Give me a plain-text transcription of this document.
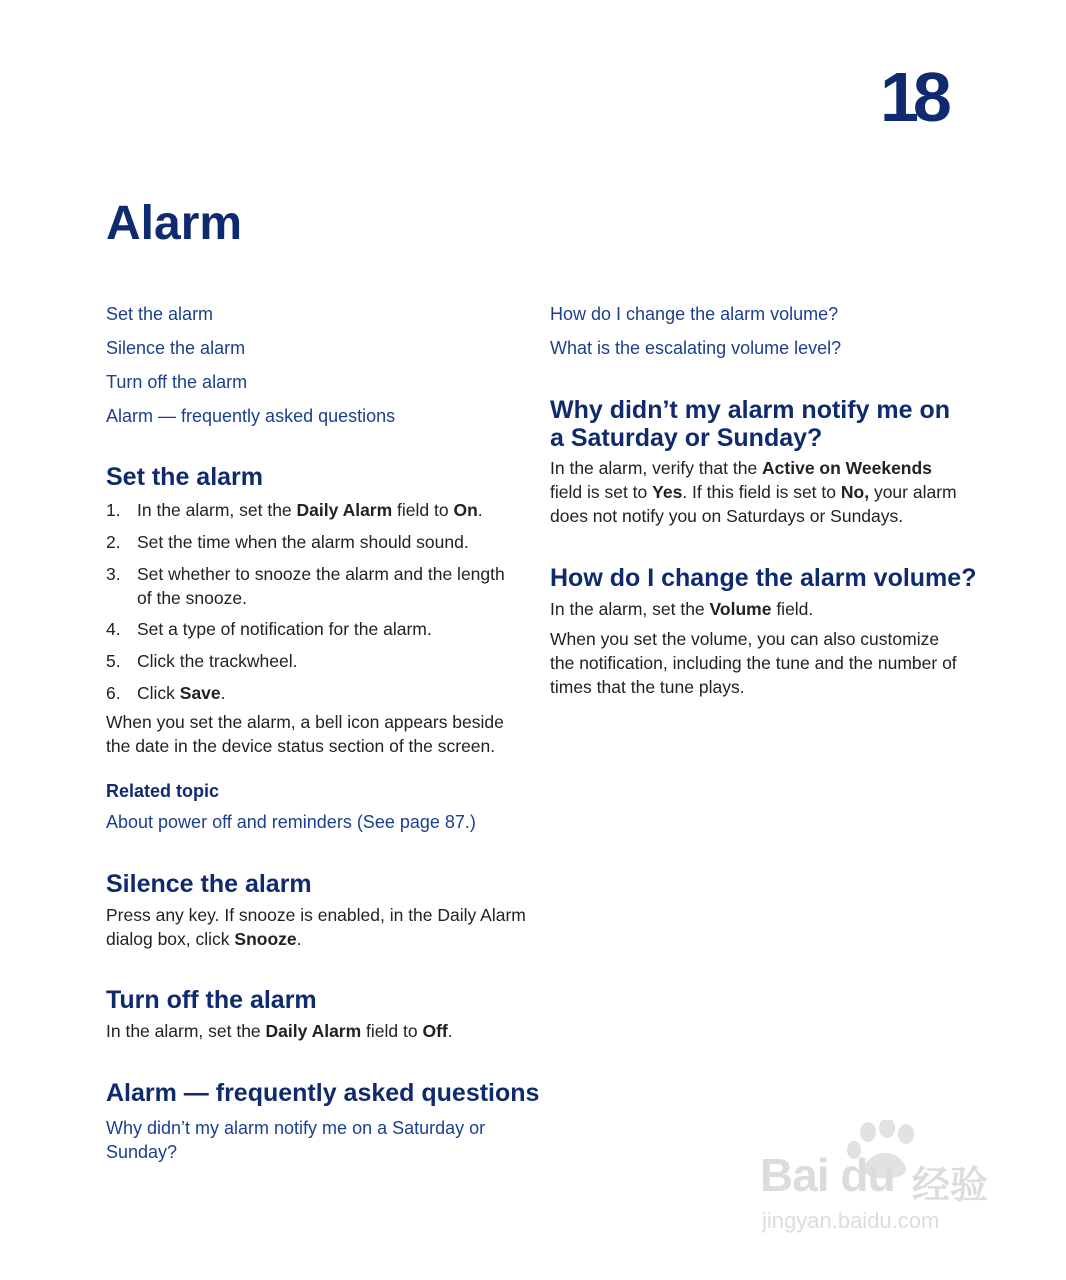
18
Alarm
Set the alarm
Silence the alarm
Turn off the alarm
Alarm — frequently asked questions
How do I change the alarm volume?
What is the escalating volume level?
Set the alarm
1. In the alarm, set the Daily Alarm field to On.
2. Set the time when the alarm should sound.
3. Set whether to snooze the alarm and the length of the snooze.
4. Set a type of notification for the alarm.
5. Click the trackwheel.
6. Click Save.
When you set the alarm, a bell icon appears beside the date in the device status section of the screen.
Related topic
About power off and reminders (See page 87.)
Silence the alarm
Press any key. If snooze is enabled, in the Daily Alarm dialog box, click Snooze.
Turn off the alarm
In the alarm, set the Daily Alarm field to Off.
Alarm — frequently asked questions
Why didn’t my alarm notify me on a Saturday or Sunday?
Why didn’t my alarm notify me on a Saturday or Sunday?
In the alarm, verify that the Active on Weekends field is set to Yes. If this field is set to No, your alarm does not notify you on Saturdays or Sundays.
How do I change the alarm volume?
In the alarm, set the Volume field.
When you set the volume, you can also customize the notification, including the tune and the number of times that the tune plays.
Bai du 经验
jingyan.baidu.com
